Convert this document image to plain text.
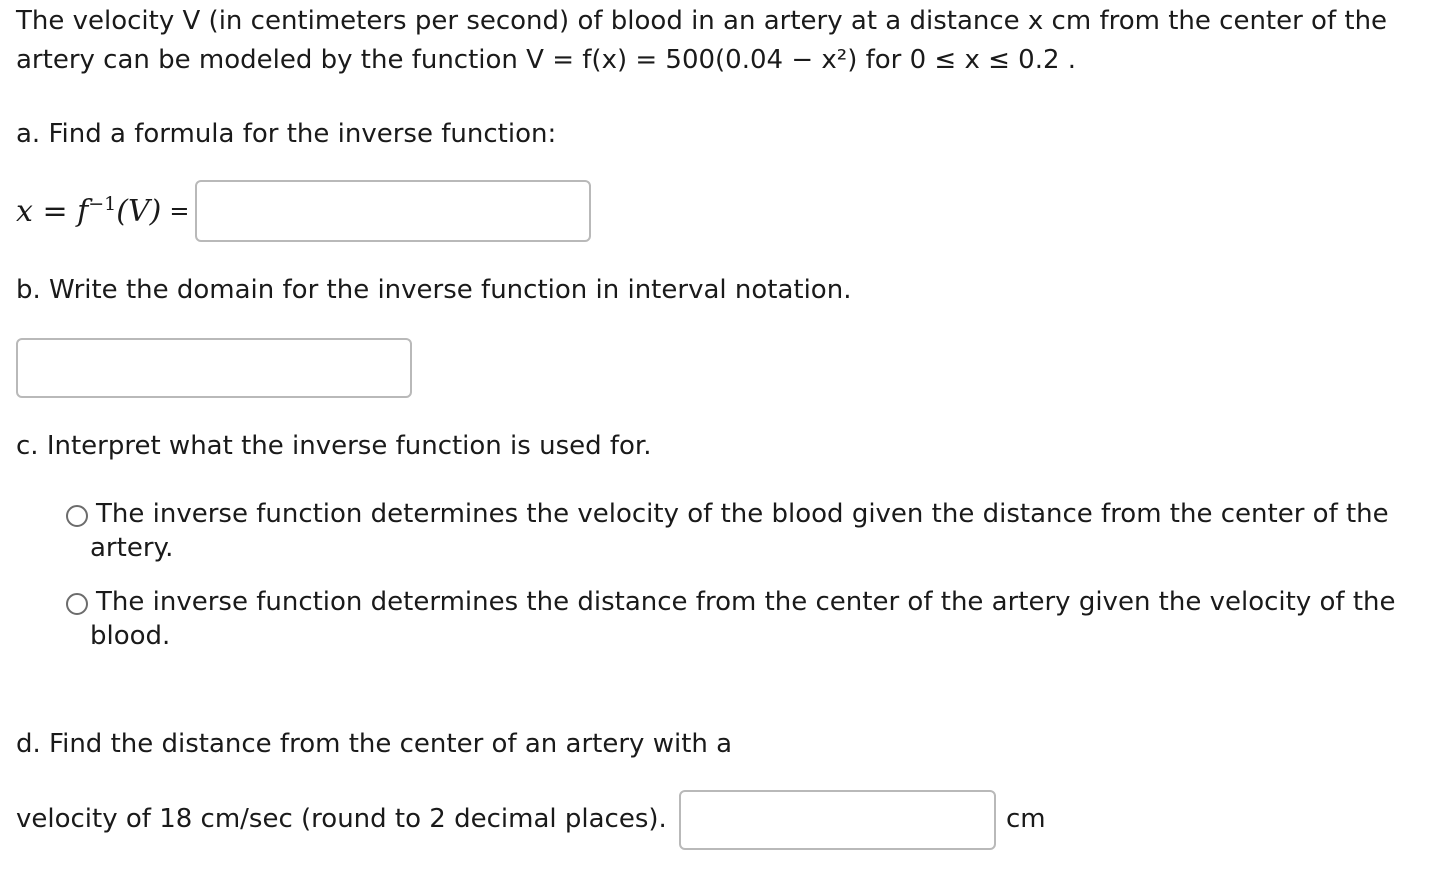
The velocity V (in centimeters per second) of blood in an artery at a distance x cm from the center of the
artery can be modeled by the function V = f(x) = 500(0.04 − x²) for 0 ≤ x ≤ 0.2 .
a. Find a formula for the inverse function:
$x = f^{-1}(V)$ =
b. Write the domain for the inverse function in interval notation.
c. Interpret what the inverse function is used for.
The inverse function determines the velocity of the blood given the distance from the center of the
artery.
The inverse function determines the distance from the center of the artery given the velocity of the
blood.
d. Find the distance from the center of an artery with a
velocity of 18 cm/sec (round to 2 decimal places).	cm
